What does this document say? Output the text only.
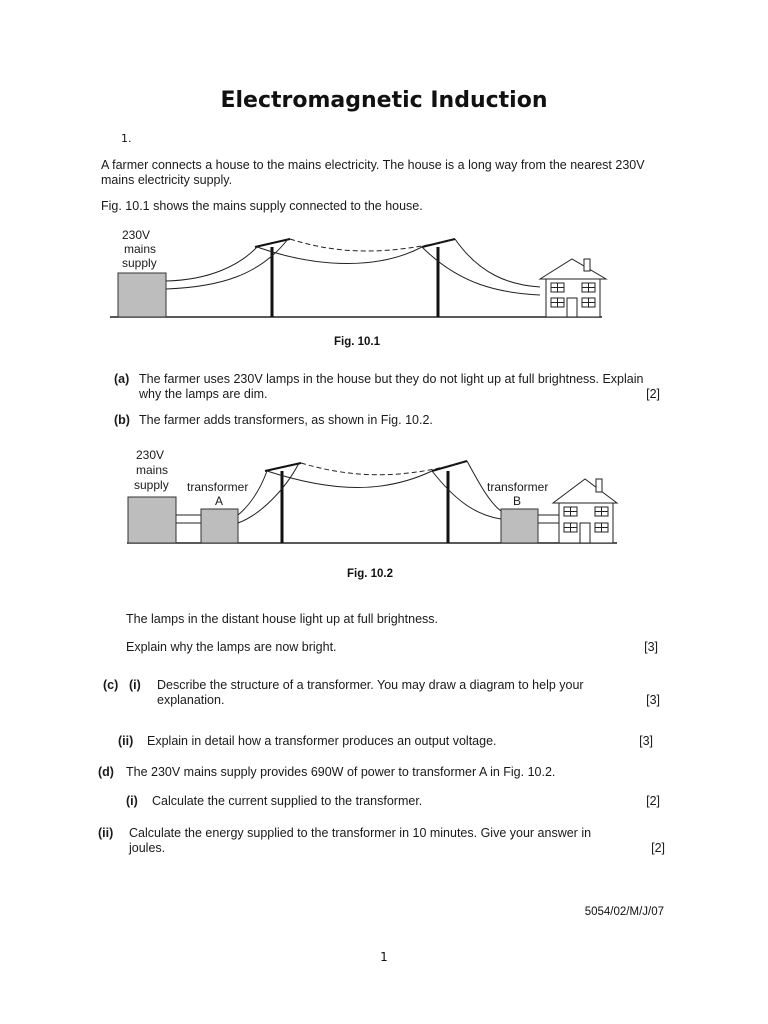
Electromagnetic Induction
1.
A farmer connects a house to the mains electricity. The house is a long way from the nearest 230V
mains electricity supply.
Fig. 10.1 shows the mains supply connected to the house.
230V
mains
supply
Fig. 10.1
(a) The farmer uses 230V lamps in the house but they do not light up at full brightness. Explain
why the lamps are dim.	[2]
(b) The farmer adds transformers, as shown in Fig. 10.2.
230V
mains
supply transformer
A
transformer
B
Fig. 10.2
The lamps in the distant house light up at full brightness.
Explain why the lamps are now bright.	[3]
(c) (i) Describe the structure of a transformer. You may draw a diagram to help your
explanation.	[3]
(ii) Explain in detail how a transformer produces an output voltage.	[3]
(d) The 230V mains supply provides 690W of power to transformer A in Fig. 10.2.
(i) Calculate the current supplied to the transformer.	[2]
(ii) Calculate the energy supplied to the transformer in 10 minutes. Give your answer in
joules.	[2]
5054/02/M/J/07
1
